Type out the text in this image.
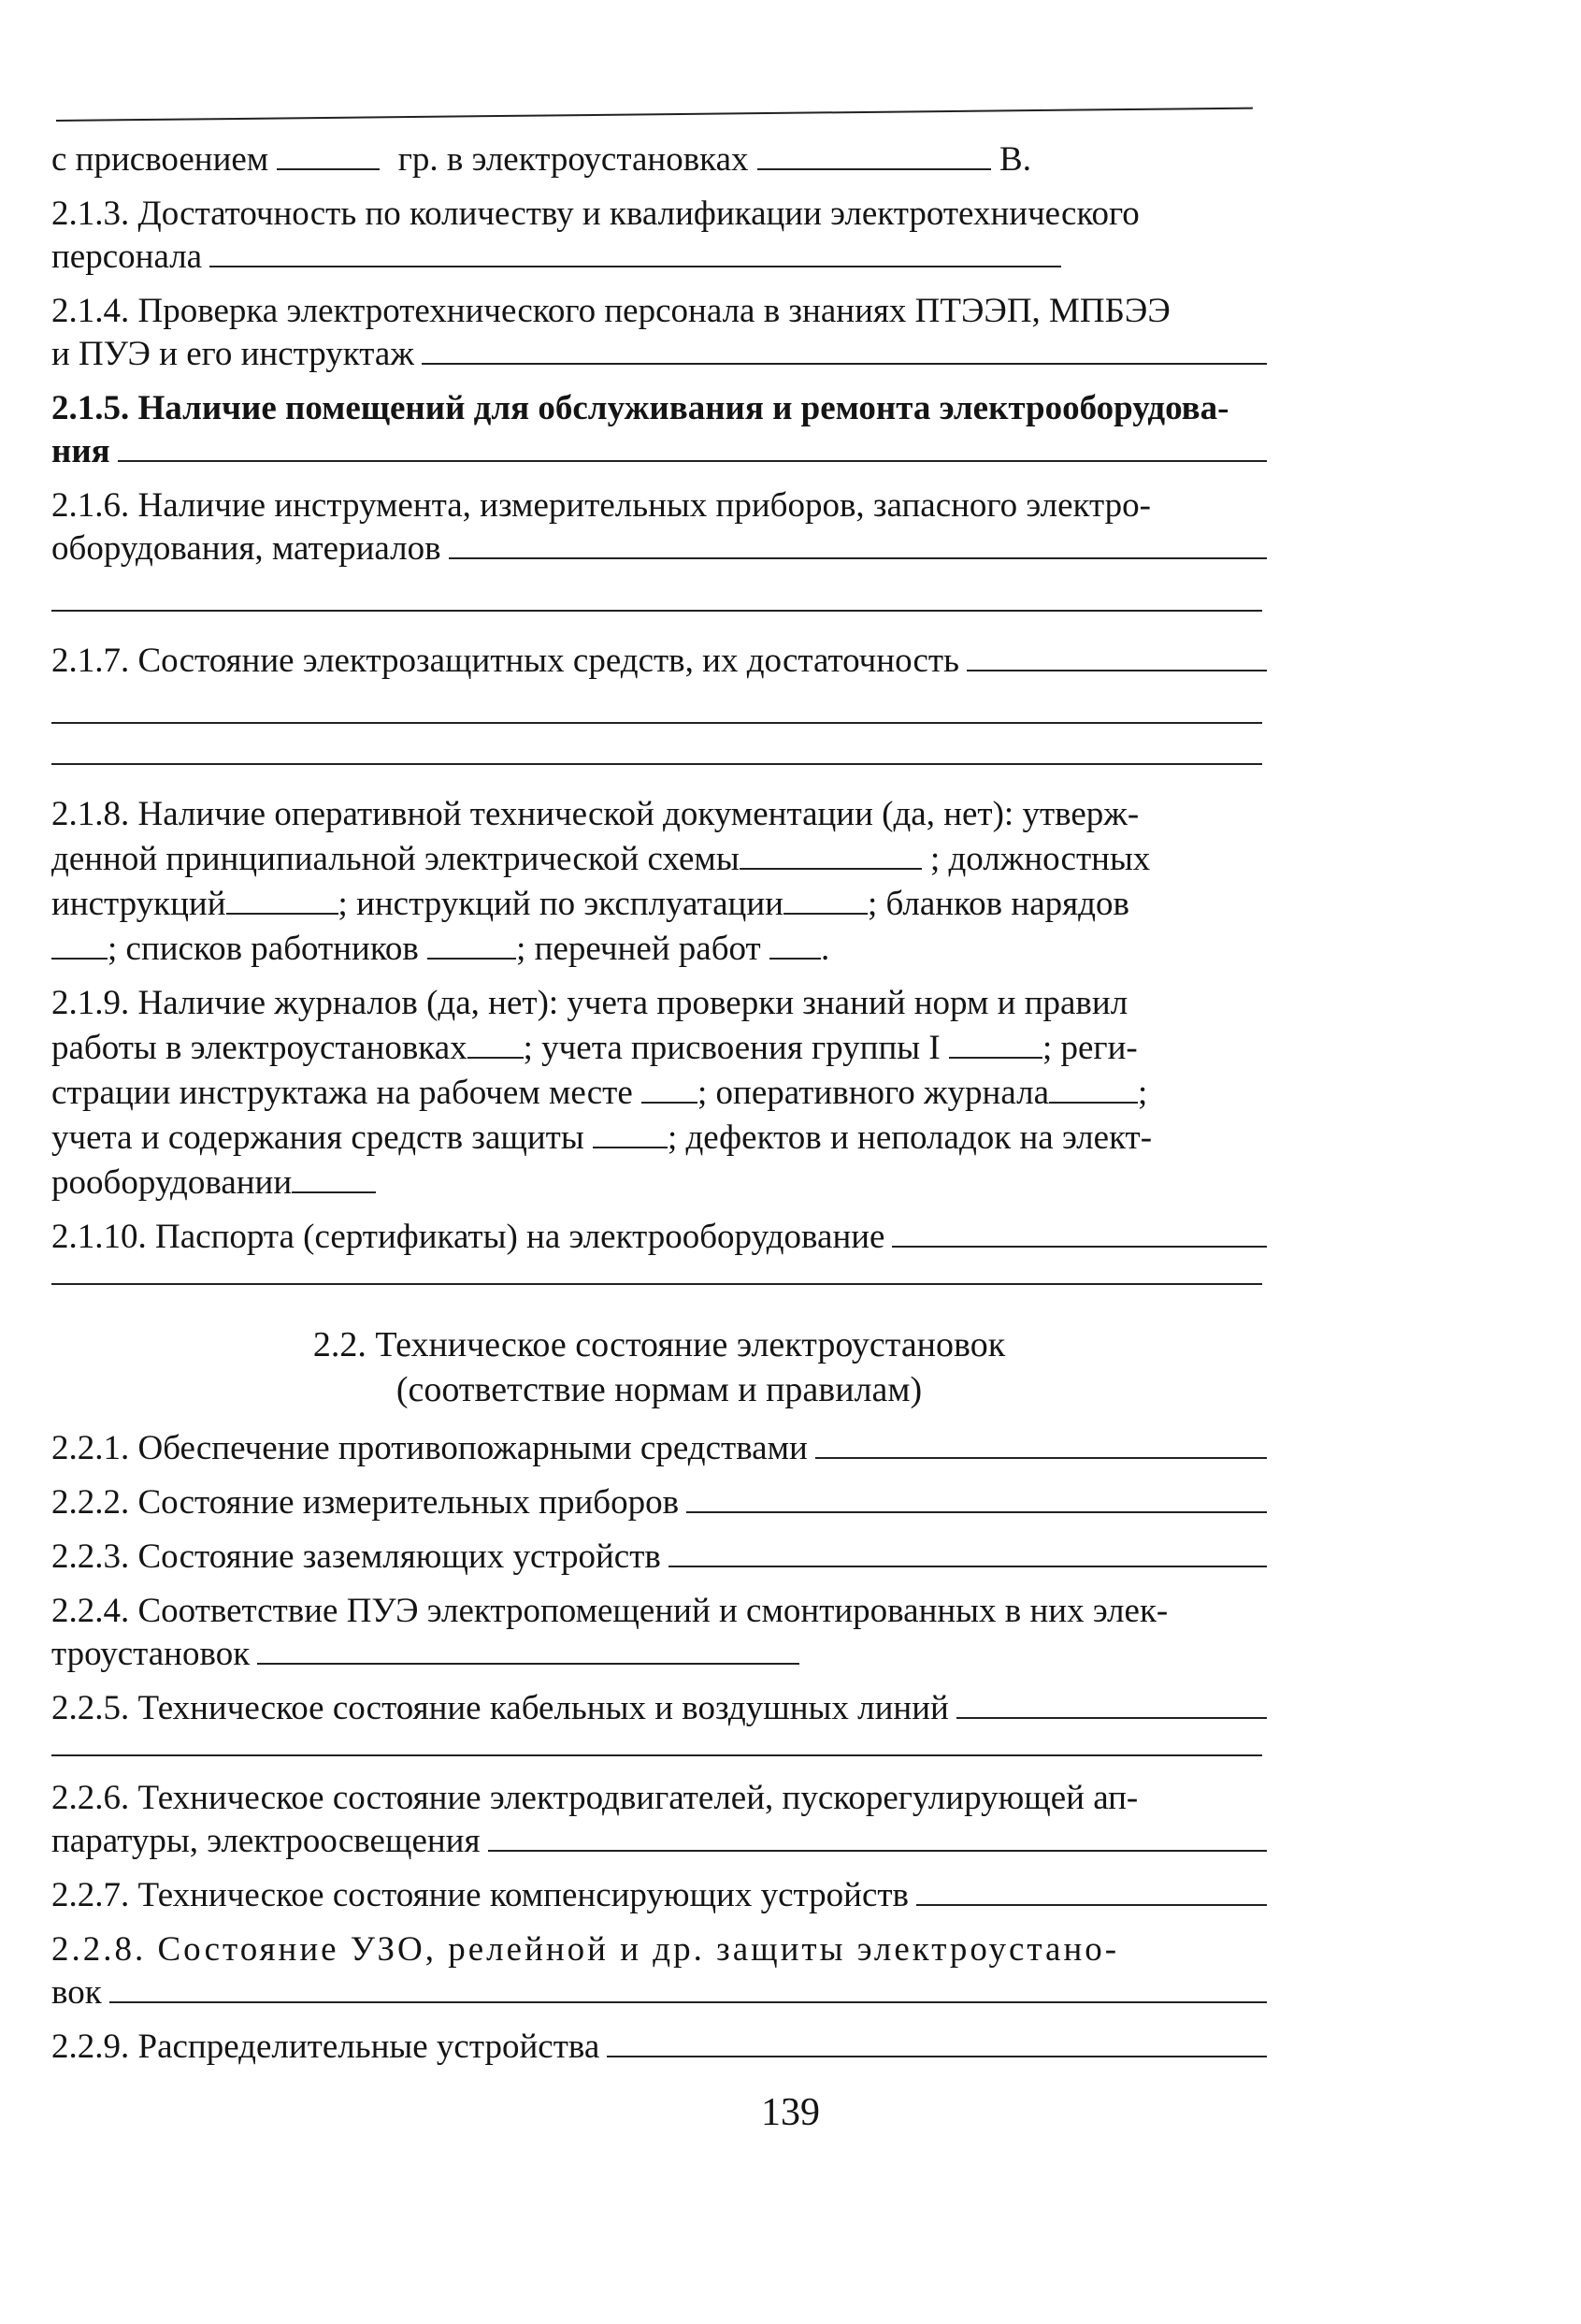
с присвоением	гр. в электроустановках	В.
2.1.3. Достаточность по количеству и квалификации электротехнического
персонала
2.1.4. Проверка электротехнического персонала в знаниях ПТЭЭП, МПБЭЭ
и ПУЭ и его инструктаж
2.1.5. Наличие помещений для обслуживания и ремонта электрооборудова-
ния
2.1.6. Наличие инструмента, измерительных приборов, запасного электро-
оборудования, материалов
2.1.7. Состояние электрозащитных средств, их достаточность
2.1.8. Наличие оперативной технической документации (да, нет): утверж-
денной принципиальной электрической схемы	; должностных
инструкций	; инструкций по эксплуатации ; бланков нарядов
; списков работников	; перечней работ .
2.1.9. Наличие журналов (да, нет): учета проверки знаний норм и правил
работы в электроустановках ; учета присвоения группы I	; реги-
страции инструктажа на рабочем месте ; оперативного журнала	;
учета и содержания средств защиты ; дефектов и неполадок на элект-
рооборудовании
2.1.10. Паспорта (сертификаты) на электрооборудование
2.2. Техническое состояние электроустановок
(соответствие нормам и правилам)
2.2.1. Обеспечение противопожарными средствами
2.2.2. Состояние измерительных приборов
2.2.3. Состояние заземляющих устройств
2.2.4. Соответствие ПУЭ электропомещений и смонтированных в них элек-
троустановок
2.2.5. Техническое состояние кабельных и воздушных линий
2.2.6. Техническое состояние электродвигателей, пускорегулирующей ап-
паратуры, электроосвещения
2.2.7. Техническое состояние компенсирующих устройств
2.2.8. Состояние УЗО, релейной и др. защиты электроустано-
вок
2.2.9. Распределительные устройства
139
